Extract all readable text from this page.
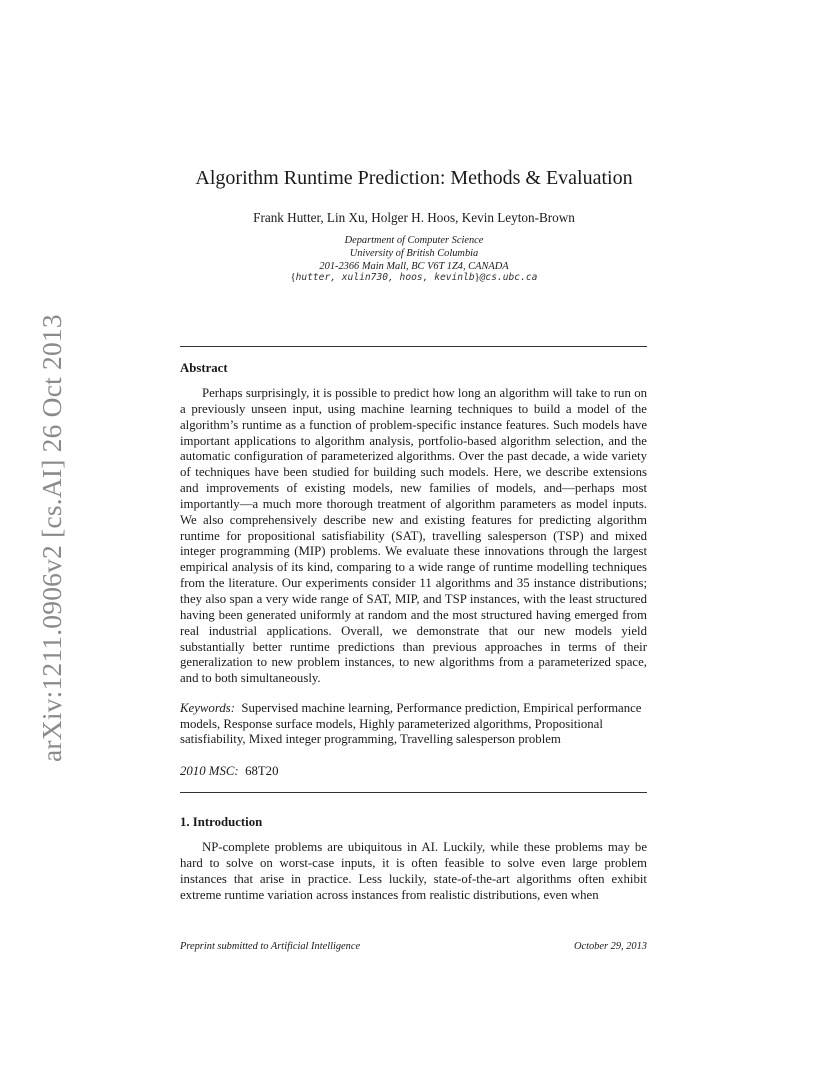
arXiv:1211.0906v2 [cs.AI] 26 Oct 2013
Algorithm Runtime Prediction: Methods & Evaluation
Frank Hutter, Lin Xu, Holger H. Hoos, Kevin Leyton-Brown
Department of Computer Science
University of British Columbia
201-2366 Main Mall, BC V6T 1Z4, CANADA
{hutter, xulin730, hoos, kevinlb}@cs.ubc.ca
Abstract
Perhaps surprisingly, it is possible to predict how long an algorithm will take to run on a previously unseen input, using machine learning techniques to build a model of the algorithm’s runtime as a function of problem-specific instance features. Such models have important applications to algorithm analysis, portfolio-based algorithm selection, and the automatic configuration of parameterized algorithms. Over the past decade, a wide variety of techniques have been studied for building such models. Here, we describe extensions and improvements of existing models, new families of models, and—perhaps most importantly—a much more thorough treatment of algorithm parameters as model inputs. We also comprehensively describe new and existing features for predicting algorithm runtime for propositional satisfiability (SAT), travelling salesperson (TSP) and mixed integer programming (MIP) problems. We evaluate these innovations through the largest empirical analysis of its kind, comparing to a wide range of runtime modelling techniques from the literature. Our experiments consider 11 algorithms and 35 instance distributions; they also span a very wide range of SAT, MIP, and TSP instances, with the least structured having been generated uniformly at random and the most structured having emerged from real industrial applications. Overall, we demonstrate that our new models yield substantially better runtime predictions than previous approaches in terms of their generalization to new problem instances, to new algorithms from a parameterized space, and to both simultaneously.
Keywords: Supervised machine learning, Performance prediction, Empirical performance models, Response surface models, Highly parameterized algorithms, Propositional satisfiability, Mixed integer programming, Travelling salesperson problem
2010 MSC: 68T20
1. Introduction
NP-complete problems are ubiquitous in AI. Luckily, while these problems may be hard to solve on worst-case inputs, it is often feasible to solve even large problem instances that arise in practice. Less luckily, state-of-the-art algorithms often exhibit extreme runtime variation across instances from realistic distributions, even when
Preprint submitted to Artificial Intelligence	October 29, 2013
